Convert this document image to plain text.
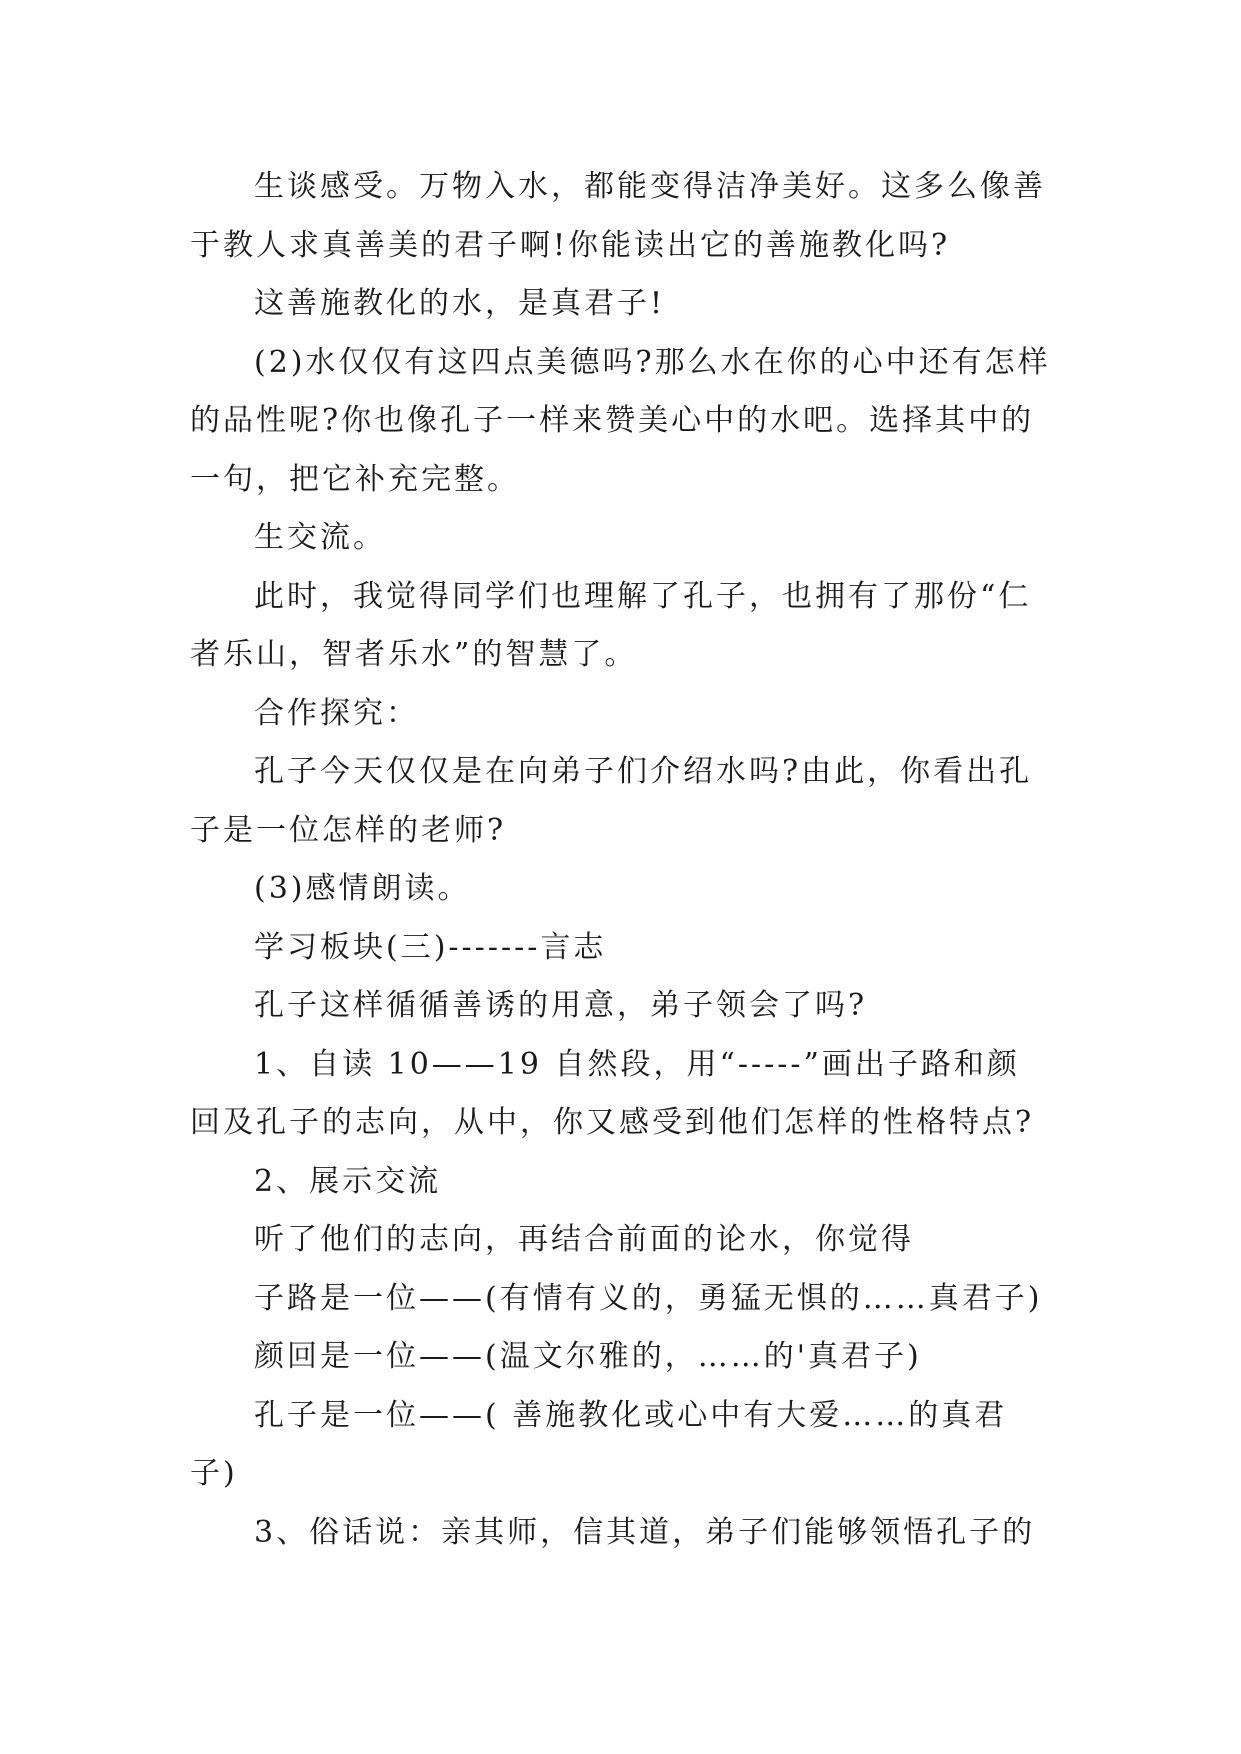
生谈感受。万物入水，都能变得洁净美好。这多么像善

于教人求真善美的君子啊!你能读出它的善施教化吗?

这善施教化的水，是真君子!

(2)水仅仅有这四点美德吗?那么水在你的心中还有怎样

的品性呢?你也像孔子一样来赞美心中的水吧。选择其中的

一句，把它补充完整。

生交流。

此时，我觉得同学们也理解了孔子，也拥有了那份“仁

者乐山，智者乐水”的智慧了。

合作探究：

孔子今天仅仅是在向弟子们介绍水吗?由此，你看出孔

子是一位怎样的老师?

(3)感情朗读。

学习板块(三)-------言志

孔子这样循循善诱的用意，弟子领会了吗?

1、自读 10——19 自然段，用“-----”画出子路和颜

回及孔子的志向，从中，你又感受到他们怎样的性格特点?

2、展示交流

听了他们的志向，再结合前面的论水，你觉得

子路是一位——(有情有义的，勇猛无惧的……真君子)

颜回是一位——(温文尔雅的，……的'真君子)

孔子是一位——( 善施教化或心中有大爱……的真君

子)

3、俗话说：亲其师，信其道，弟子们能够领悟孔子的
